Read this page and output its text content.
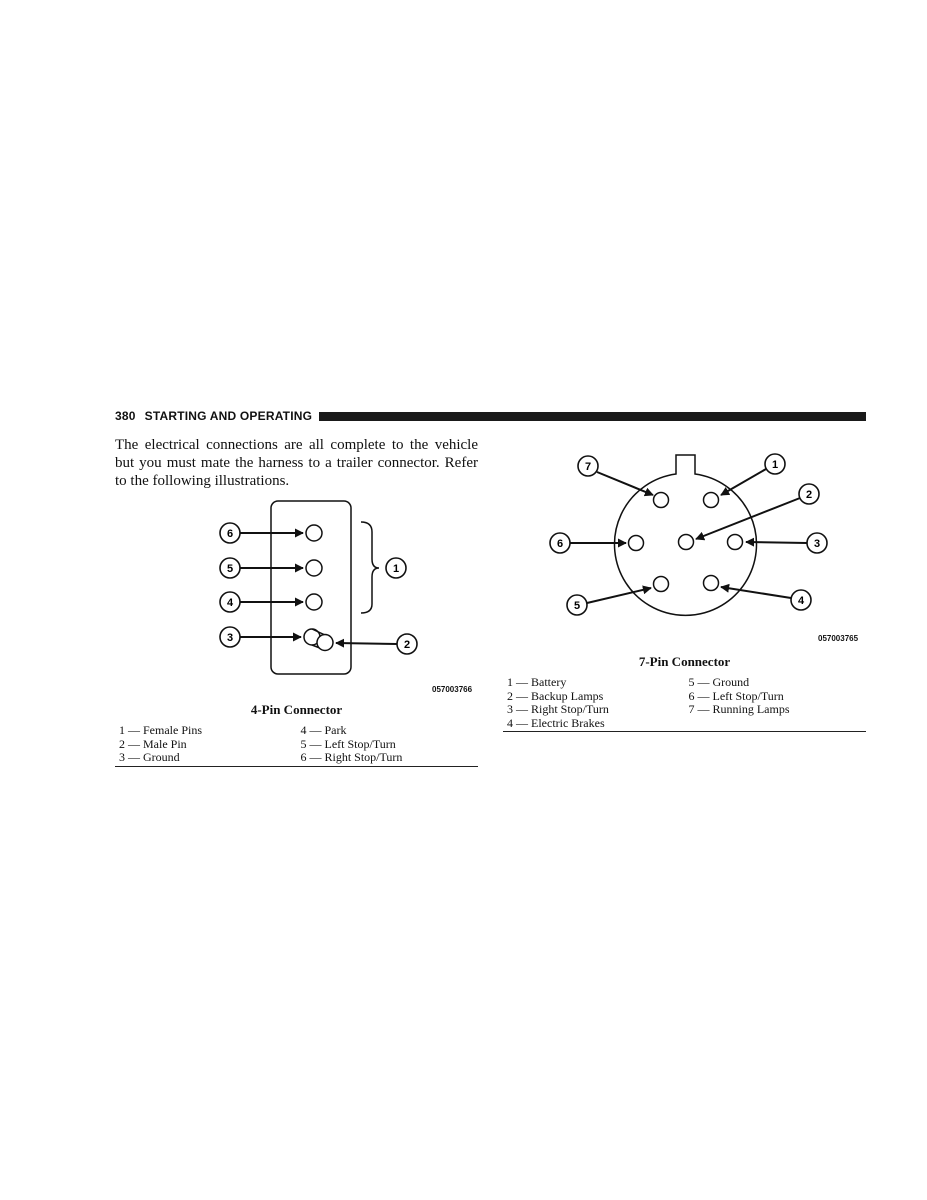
380 STARTING AND OPERATING

The electrical connections are all complete to the vehicle but you must mate the harness to a trailer connector. Refer to the following illustrations.

6
5
4
3
2
1
057003766
4-Pin Connector
1 — Female Pins	4 — Park
2 — Male Pin	5 — Left Stop/Turn
3 — Ground	6 — Right Stop/Turn
7	1
2
6	3
5	4
057003765
7-Pin Connector
1 — Battery	5 — Ground
2 — Backup Lamps	6 — Left Stop/Turn
3 — Right Stop/Turn	7 — Running Lamps
4 — Electric Brakes
